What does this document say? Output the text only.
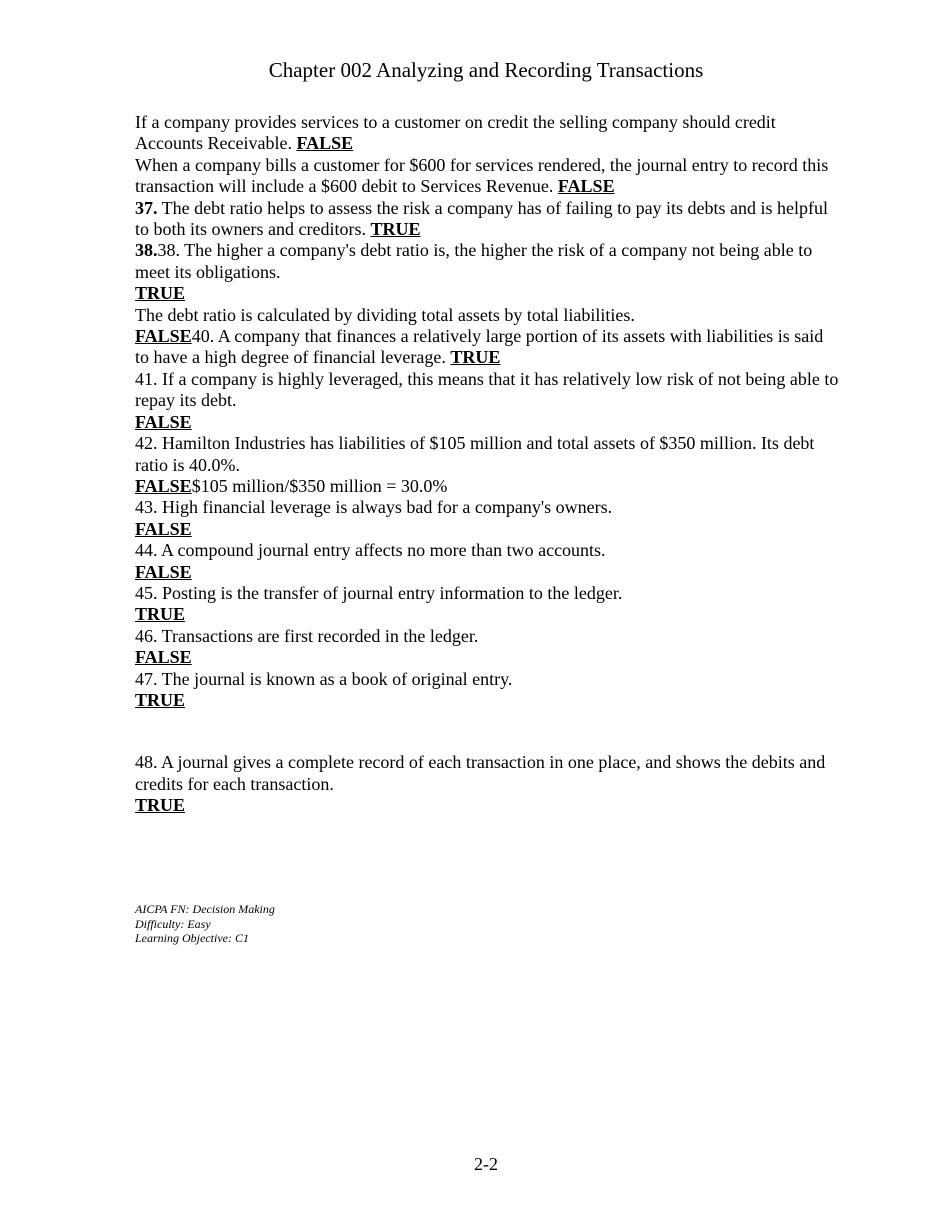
Chapter 002 Analyzing and Recording Transactions

If a company provides services to a customer on credit the selling company should credit Accounts Receivable. FALSE

When a company bills a customer for $600 for services rendered, the journal entry to record this transaction will include a $600 debit to Services Revenue. FALSE

37. The debt ratio helps to assess the risk a company has of failing to pay its debts and is helpful to both its owners and creditors. TRUE

38.38. The higher a company's debt ratio is, the higher the risk of a company not being able to meet its obligations.

TRUE

The debt ratio is calculated by dividing total assets by total liabilities.

FALSE40. A company that finances a relatively large portion of its assets with liabilities is said to have a high degree of financial leverage. TRUE

41. If a company is highly leveraged, this means that it has relatively low risk of not being able to repay its debt.

FALSE

42. Hamilton Industries has liabilities of $105 million and total assets of $350 million. Its debt ratio is 40.0%.

FALSE$105 million/$350 million = 30.0%

43. High financial leverage is always bad for a company's owners.

FALSE

44. A compound journal entry affects no more than two accounts.

FALSE

45. Posting is the transfer of journal entry information to the ledger.

TRUE

46. Transactions are first recorded in the ledger.

FALSE

47. The journal is known as a book of original entry.

TRUE

48. A journal gives a complete record of each transaction in one place, and shows the debits and credits for each transaction.

TRUE

AICPA FN: Decision Making
Difficulty: Easy
Learning Objective: C1
2-2
